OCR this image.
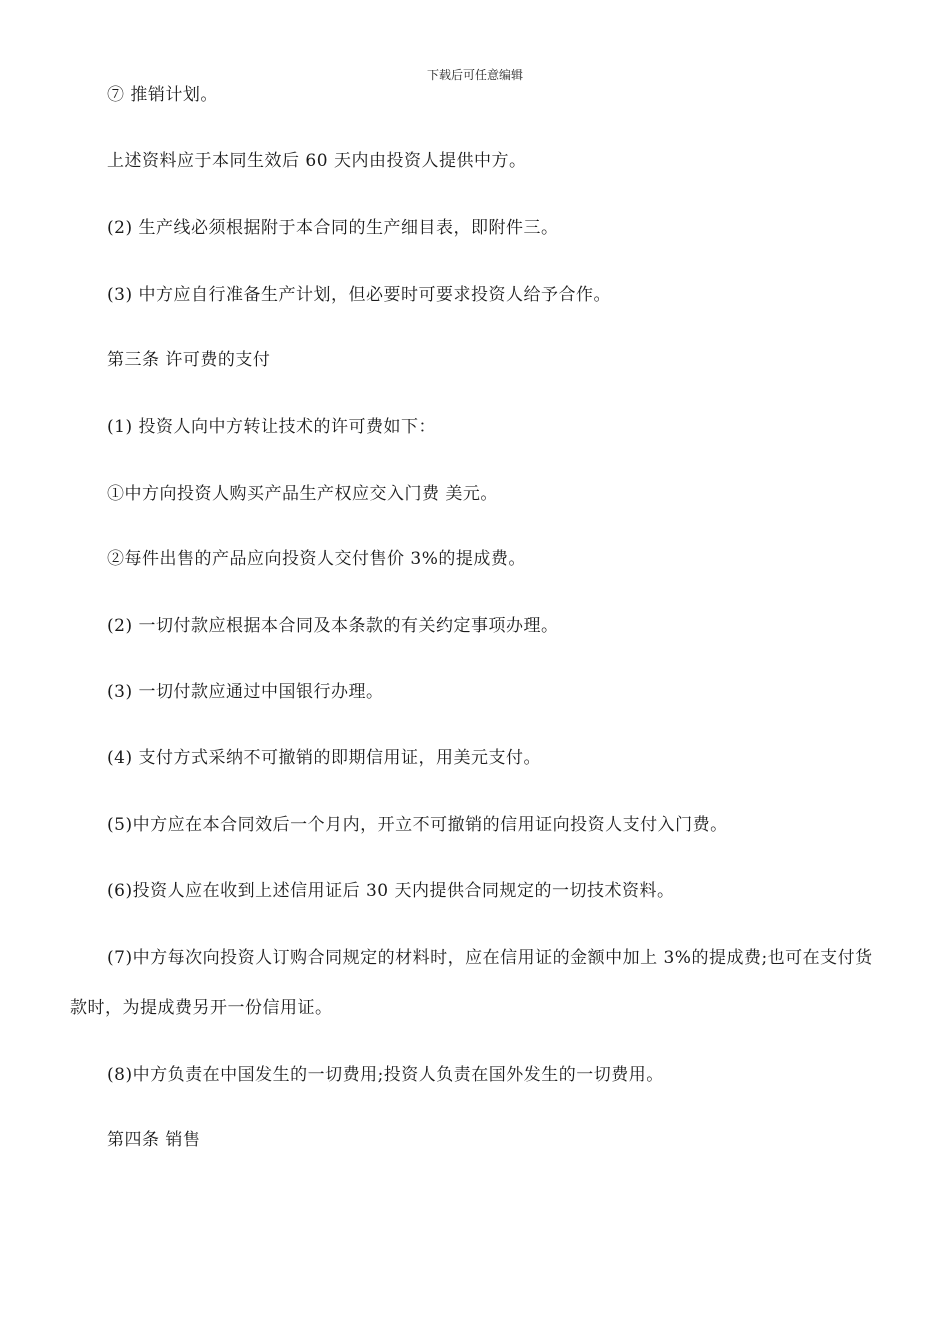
下载后可任意编辑
⑦ 推销计划。
上述资料应于本同生效后 60 天内由投资人提供中方。
(2) 生产线必须根据附于本合同的生产细目表，即附件三。
(3) 中方应自行准备生产计划，但必要时可要求投资人给予合作。
第三条 许可费的支付
(1) 投资人向中方转让技术的许可费如下：
①中方向投资人购买产品生产权应交入门费 美元。
②每件出售的产品应向投资人交付售价 3%的提成费。
(2) 一切付款应根据本合同及本条款的有关约定事项办理。
(3) 一切付款应通过中国银行办理。
(4) 支付方式采纳不可撤销的即期信用证，用美元支付。
(5)中方应在本合同效后一个月内，开立不可撤销的信用证向投资人支付入门费。
(6)投资人应在收到上述信用证后 30 天内提供合同规定的一切技术资料。
(7)中方每次向投资人订购合同规定的材料时，应在信用证的金额中加上 3%的提成费;也可在支付货款时，为提成费另开一份信用证。
(8)中方负责在中国发生的一切费用;投资人负责在国外发生的一切费用。
第四条 销售
